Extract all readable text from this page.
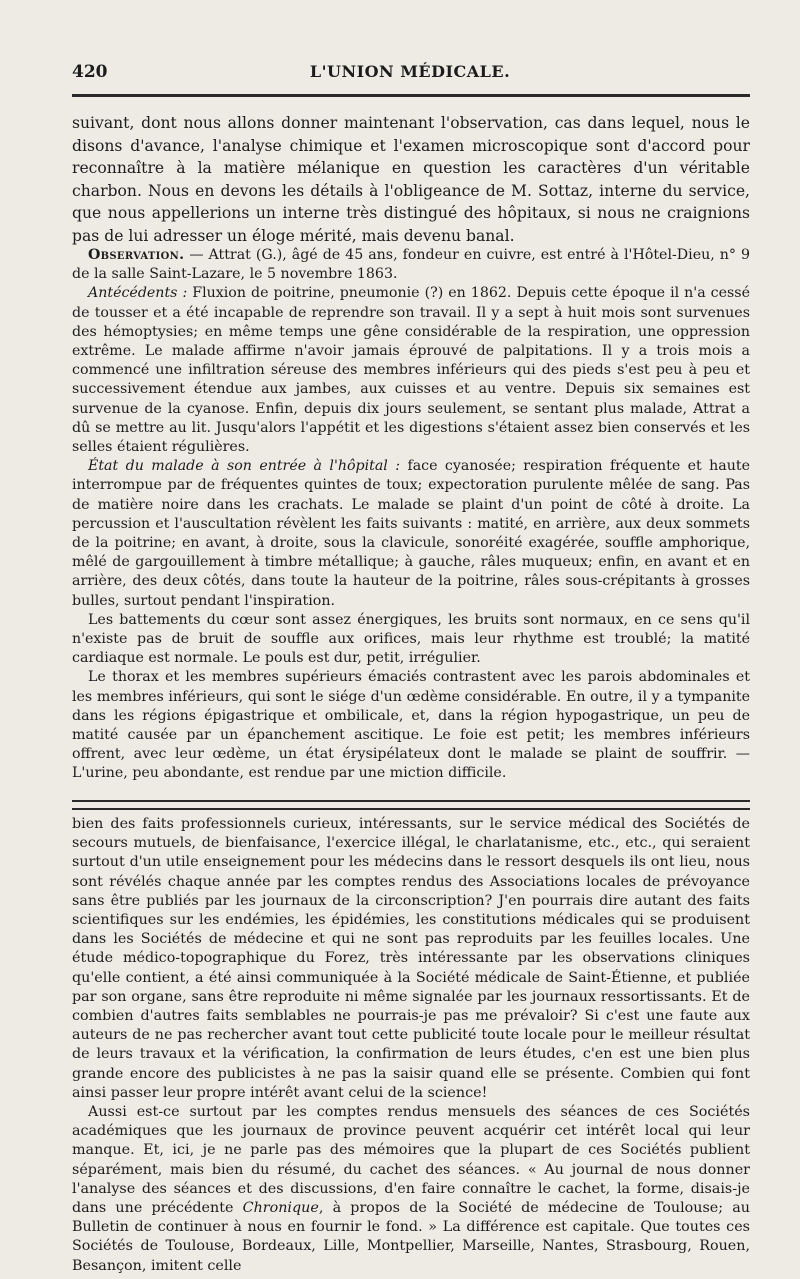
420	L'UNION MÉDICALE.

suivant, dont nous allons donner maintenant l'observation, cas dans lequel, nous le disons d'avance, l'analyse chimique et l'examen microscopique sont d'accord pour reconnaître à la matière mélanique en question les caractères d'un véritable charbon. Nous en devons les détails à l'obligeance de M. Sottaz, interne du service, que nous appellerions un interne très distingué des hôpitaux, si nous ne craignions pas de lui adresser un éloge mérité, mais devenu banal.

Observation. — Attrat (G.), âgé de 45 ans, fondeur en cuivre, est entré à l'Hôtel-Dieu, n° 9 de la salle Saint-Lazare, le 5 novembre 1863.

Antécédents : Fluxion de poitrine, pneumonie (?) en 1862. Depuis cette époque il n'a cessé de tousser et a été incapable de reprendre son travail. Il y a sept à huit mois sont survenues des hémoptysies; en même temps une gêne considérable de la respiration, une oppression extrême. Le malade affirme n'avoir jamais éprouvé de palpitations. Il y a trois mois a commencé une infiltration séreuse des membres inférieurs qui des pieds s'est peu à peu et successivement étendue aux jambes, aux cuisses et au ventre. Depuis six semaines est survenue de la cyanose. Enfin, depuis dix jours seulement, se sentant plus malade, Attrat a dû se mettre au lit. Jusqu'alors l'appétit et les digestions s'étaient assez bien conservés et les selles étaient régulières.

État du malade à son entrée à l'hôpital : face cyanosée; respiration fréquente et haute interrompue par de fréquentes quintes de toux; expectoration purulente mêlée de sang. Pas de matière noire dans les crachats. Le malade se plaint d'un point de côté à droite. La percussion et l'auscultation révèlent les faits suivants : matité, en arrière, aux deux sommets de la poitrine; en avant, à droite, sous la clavicule, sonoréité exagérée, souffle amphorique, mêlé de gargouillement à timbre métallique; à gauche, râles muqueux; enfin, en avant et en arrière, des deux côtés, dans toute la hauteur de la poitrine, râles sous-crépitants à grosses bulles, surtout pendant l'inspiration.

Les battements du cœur sont assez énergiques, les bruits sont normaux, en ce sens qu'il n'existe pas de bruit de souffle aux orifices, mais leur rhythme est troublé; la matité cardiaque est normale. Le pouls est dur, petit, irrégulier.

Le thorax et les membres supérieurs émaciés contrastent avec les parois abdominales et les membres inférieurs, qui sont le siége d'un œdème considérable. En outre, il y a tympanite dans les régions épigastrique et ombilicale, et, dans la région hypogastrique, un peu de matité causée par un épanchement ascitique. Le foie est petit; les membres inférieurs offrent, avec leur œdème, un état érysipélateux dont le malade se plaint de souffrir. — L'urine, peu abondante, est rendue par une miction difficile.

bien des faits professionnels curieux, intéressants, sur le service médical des Sociétés de secours mutuels, de bienfaisance, l'exercice illégal, le charlatanisme, etc., etc., qui seraient surtout d'un utile enseignement pour les médecins dans le ressort desquels ils ont lieu, nous sont révélés chaque année par les comptes rendus des Associations locales de prévoyance sans être publiés par les journaux de la circonscription? J'en pourrais dire autant des faits scientifiques sur les endémies, les épidémies, les constitutions médicales qui se produisent dans les Sociétés de médecine et qui ne sont pas reproduits par les feuilles locales. Une étude médico-topographique du Forez, très intéressante par les observations cliniques qu'elle contient, a été ainsi communiquée à la Société médicale de Saint-Étienne, et publiée par son organe, sans être reproduite ni même signalée par les journaux ressortissants. Et de combien d'autres faits semblables ne pourrais-je pas me prévaloir? Si c'est une faute aux auteurs de ne pas rechercher avant tout cette publicité toute locale pour le meilleur résultat de leurs travaux et la vérification, la confirmation de leurs études, c'en est une bien plus grande encore des publicistes à ne pas la saisir quand elle se présente. Combien qui font ainsi passer leur propre intérêt avant celui de la science!

Aussi est-ce surtout par les comptes rendus mensuels des séances de ces Sociétés académiques que les journaux de province peuvent acquérir cet intérêt local qui leur manque. Et, ici, je ne parle pas des mémoires que la plupart de ces Sociétés publient séparément, mais bien du résumé, du cachet des séances. « Au journal de nous donner l'analyse des séances et des discussions, d'en faire connaître le cachet, la forme, disais-je dans une précédente Chronique, à propos de la Société de médecine de Toulouse; au Bulletin de continuer à nous en fournir le fond. » La différence est capitale. Que toutes ces Sociétés de Toulouse, Bordeaux, Lille, Montpellier, Marseille, Nantes, Strasbourg, Rouen, Besançon, imitent celle
